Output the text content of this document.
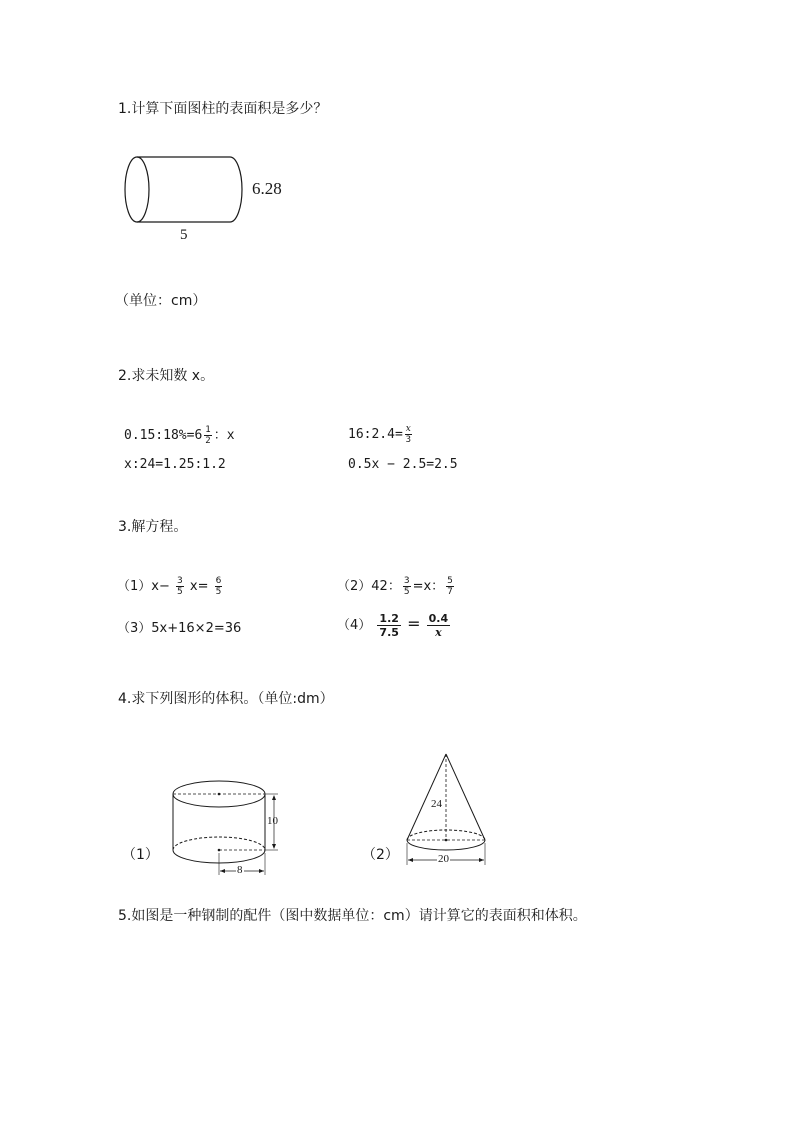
1.计算下面图柱的表面积是多少？
6.28
5
（单位：cm）
2.求未知数 x。
0.15:18%=6 $\frac{1}{2}$ ：x	16:2.4= $\frac{x}{3}$
x:24=1.25:1.2	0.5x − 2.5=2.5
3.解方程。
$(1)x- \frac{3}{5} x= \frac{6}{5}$	（2）42： $\frac{3}{5} =x$： $\frac{5}{7}$
（3）5x+16×2=36	$(4) \frac{1.2}{7.5} = \frac{0.4}{x}$
4.求下列图形的体积。（单位:dm）
（1）
10
8
（2）
24
20
5.如图是一种钢制的配件（图中数据单位：cm）请计算它的表面积和体积。
